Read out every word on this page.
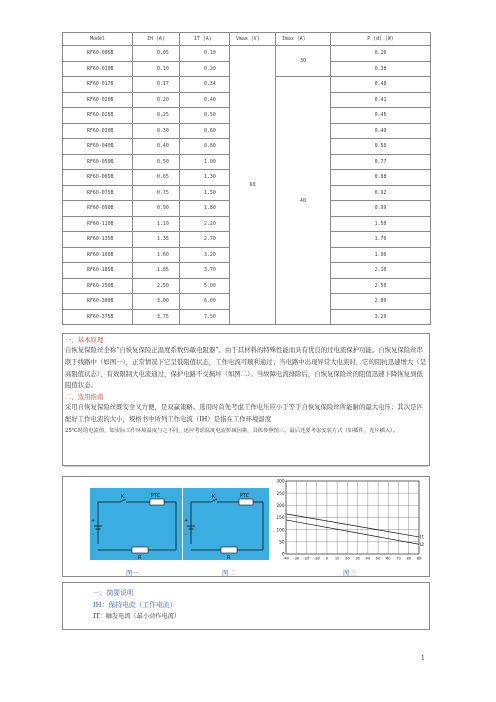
Model	IH (A)	IT (A)	Vmax (V)	Imax (A)	P (d) (W)
RF60-005B	0.05	0.10	60	30	0.26
RF60-010B	0.10	0.20			0.38
RF60-017B	0.17	0.34		40	0.48
RF60-020B	0.20	0.40			0.41
RF60-025B	0.25	0.50			0.45
RF60-030B	0.30	0.60			0.49
RF60-040B	0.40	0.80			0.56
RF60-050B	0.50	1.00			0.77
RF60-065B	0.65	1.30			0.88
RF60-075B	0.75	1.50			0.92
RF60-090B	0.90	1.80			0.99
RF60-110B	1.10	2.20			1.50
RF60-135B	1.35	2.70			1.70
RF60-160B	1.60	3.20			1.90
RF60-185B	1.85	3.70			2.10
RF60-250B	2.50	5.00			2.50
RF60-300B	3.00	6.00			2.80
RF60-375B	3.75	7.50			3.20
一、基本原理
自恢复保险丝全称“自恢复保险正温度系数热敏电阻器”。由于其材料的特殊性能而具有优良的过电流保护功能。自恢复保险丝串联于线路中（如图一），正常情况下它呈低阻值状态，工作电流可顺利通过；当电路中出现异常大电流时，它的阻抗迅速增大（呈高阻值状态），有效限制大电流通过，保护电路不受损坏（如图二）。当故障电流排除后，自恢复保险丝的阻值迅速下降恢复到低阻值状态。
二、选用指南
采用自恢复保险丝既安全又方便，是双赢策略。选用时首先考虑工作电压应小于等于自恢复保险丝所能耐的最大电压；其次是匹配好工作电流的大小，规格书中所列工作电流（IH）是指在工作环境温度
25℃时的电流值，如实际工作环境温度与之不同，还应考虑温度电流折减因素，具体参照图三。最后还要考虑安装方式（如插件、光片插入）。
K	PTC
R
+
-
K	PTC
R
+
-
300
250
200
150
100
50
0
-40 -30 -20 -10 0 10 20 30 40 50 60 70 80 85
I1
I2
图一	图二	图三
一、简要说明
IH：保持电流（工作电流）
IT：触发电流（最小动作电流）
1
